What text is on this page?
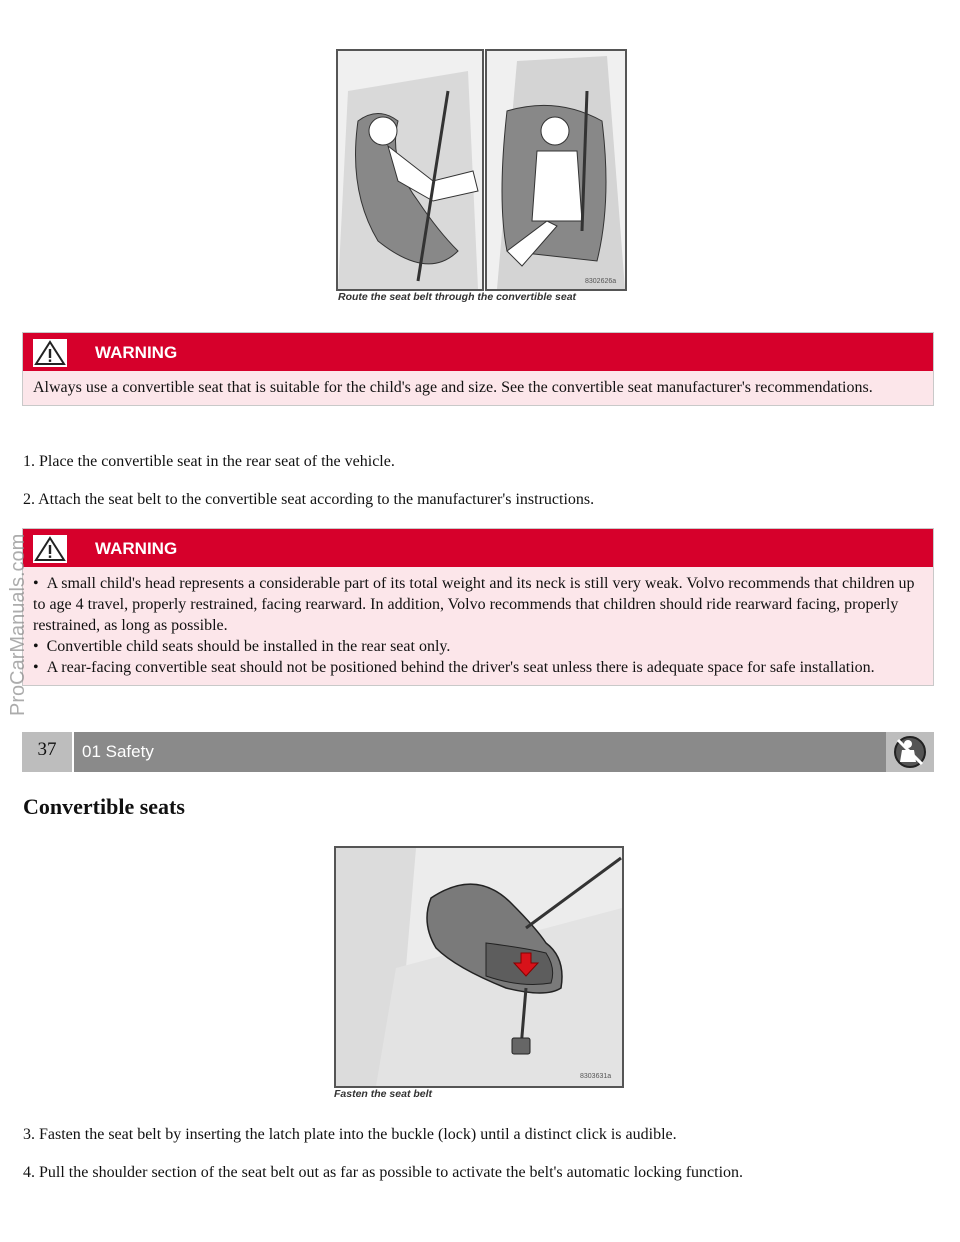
8302626a
Route the seat belt through the convertible seat
WARNING
Always use a convertible seat that is suitable for the child's age and size. See the convertible seat manufacturer's recommendations.
1. Place the convertible seat in the rear seat of the vehicle.
2. Attach the seat belt to the convertible seat according to the manufacturer's instructions.
WARNING
•  A small child's head represents a considerable part of its total weight and its neck is still very weak. Volvo recommends that children up to age 4 travel, properly restrained, facing rearward. In addition, Volvo recommends that children should ride rearward facing, properly restrained, as long as possible.
•  Convertible child seats should be installed in the rear seat only.
•  A rear-facing convertible seat should not be positioned behind the driver's seat unless there is adequate space for safe installation.
37	01 Safety
Convertible seats
8303631a
Fasten the seat belt
3. Fasten the seat belt by inserting the latch plate into the buckle (lock) until a distinct click is audible.
4. Pull the shoulder section of the seat belt out as far as possible to activate the belt's automatic locking function.
ProCarManuals.com
